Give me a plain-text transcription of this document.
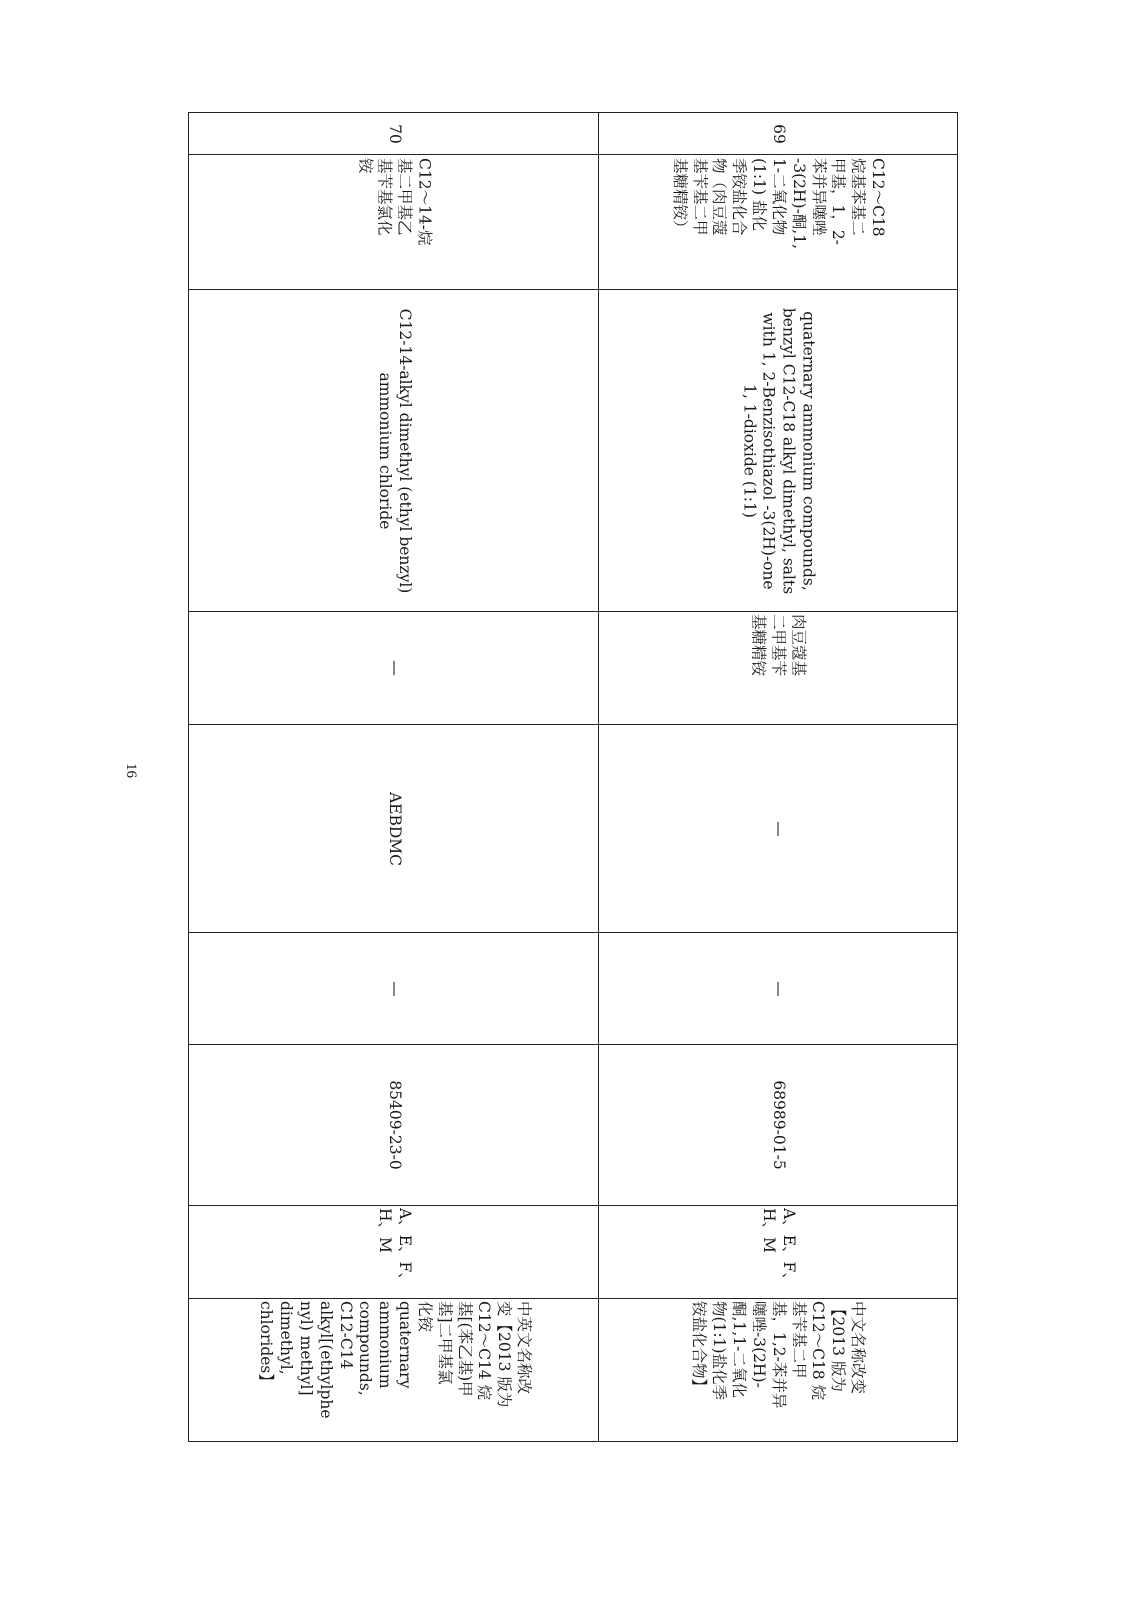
69
C12～C18
烷基苯基二
甲基，1，2-
苯并异噻唑
-3(2H)-酮,1,
1-二氧化物
(1:1) 盐化
季铵盐化合
物（肉豆蔻
基苄基二甲
基糖精铵）
quaternary ammonium compounds,
benzyl C12-C18 alkyl dimethyl, salts
with 1, 2-Benzisothiazol -3(2H)-one
1, 1-dioxide (1:1)
肉豆蔻基
二甲基苄
基糖精铵
—
—
68989-01-5
A、E、F、
H、M
中文名称改变
【2013 版为
C12～C18 烷
基苄基二甲
基，1,2-苯并异
噻唑-3(2H)-
酮,1,1-二氧化
物(1:1)盐化季
铵盐化合物】
70
C12～14-烷
基二甲基乙
基苄基氯化
铵
C12-14-alkyl dimethyl (ethyl benzyl)
ammonium chloride
—
AEBDMC
—
85409-23-0
A、E、F、
H、M
中英文名称改
变【2013 版为
C12～C14 烷
基[(苯乙基)甲
基]二甲基氯
化铵
quaternary
ammonium
compounds,
C12-C14
alkyl[(ethylphe
nyl) methyl]
dimethyl,
chlorides】
16
